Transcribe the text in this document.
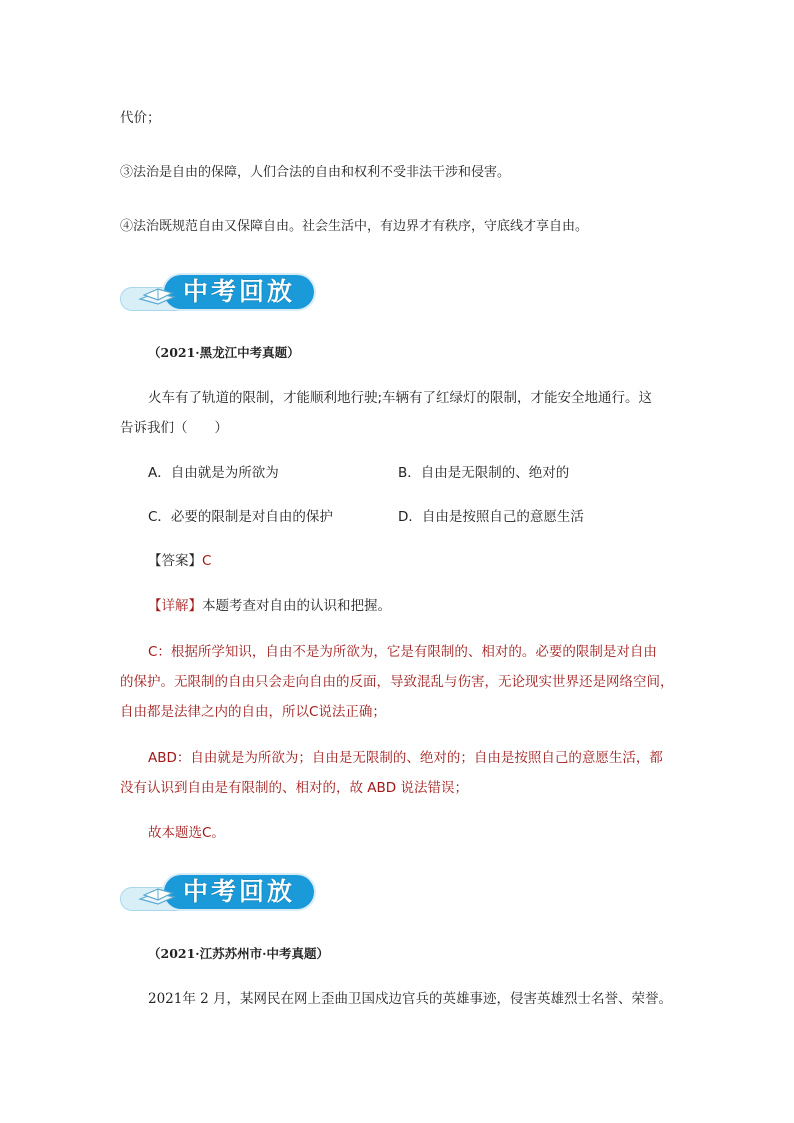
代价；
③法治是自由的保障，人们合法的自由和权利不受非法干涉和侵害。
④法治既规范自由又保障自由。社会生活中，有边界才有秩序，守底线才享自由。
中考回放
（2021·黑龙江中考真题）
火车有了轨道的限制，才能顺利地行驶;车辆有了红绿灯的限制，才能安全地通行。这
告诉我们（　　）
A．自由就是为所欲为	B．自由是无限制的、绝对的
C．必要的限制是对自由的保护	D．自由是按照自己的意愿生活
【答案】C
【详解】本题考查对自由的认识和把握。
C：根据所学知识，自由不是为所欲为，它是有限制的、相对的。必要的限制是对自由
的保护。无限制的自由只会走向自由的反面，导致混乱与伤害，无论现实世界还是网络空间，
自由都是法律之内的自由，所以C说法正确；
ABD：自由就是为所欲为；自由是无限制的、绝对的；自由是按照自己的意愿生活，都
没有认识到自由是有限制的、相对的，故 ABD 说法错误；
故本题选C。
中考回放
（2021·江苏苏州市·中考真题）
2021年 2 月，某网民在网上歪曲卫国戍边官兵的英雄事迹，侵害英雄烈士名誉、荣誉。
